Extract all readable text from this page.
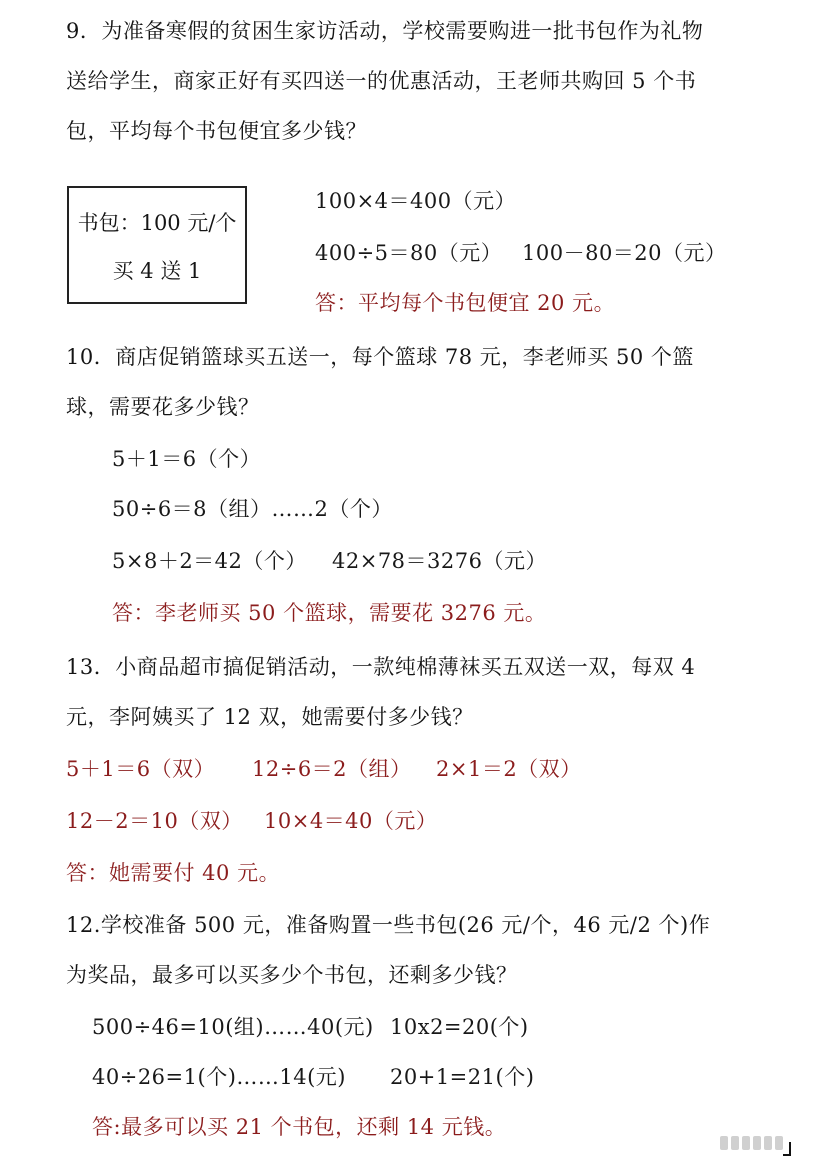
9．为准备寒假的贫困生家访活动，学校需要购进一批书包作为礼物
送给学生，商家正好有买四送一的优惠活动，王老师共购回 5 个书
包，平均每个书包便宜多少钱？
书包：100 元/个
买 4 送 1
100×4＝400（元）
400÷5＝80（元） 100－80＝20（元）
答：平均每个书包便宜 20 元。
10．商店促销篮球买五送一，每个篮球 78 元，李老师买 50 个篮
球，需要花多少钱？
5＋1＝6（个）
50÷6＝8（组）……2（个）
5×8＋2＝42（个） 42×78＝3276（元）
答：李老师买 50 个篮球，需要花 3276 元。
13．小商品超市搞促销活动，一款纯棉薄袜买五双送一双，每双 4
元，李阿姨买了 12 双，她需要付多少钱？
5＋1＝6（双） 12÷6＝2（组） 2×1＝2（双）
12－2＝10（双） 10×4＝40（元）
答：她需要付 40 元。
12.学校准备 500 元，准备购置一些书包(26 元/个，46 元/2 个)作
为奖品，最多可以买多少个书包，还剩多少钱？
500÷46=10(组)……40(元) 10x2=20(个)
40÷26=1(个)……14(元) 20+1=21(个)
答:最多可以买 21 个书包，还剩 14 元钱。
